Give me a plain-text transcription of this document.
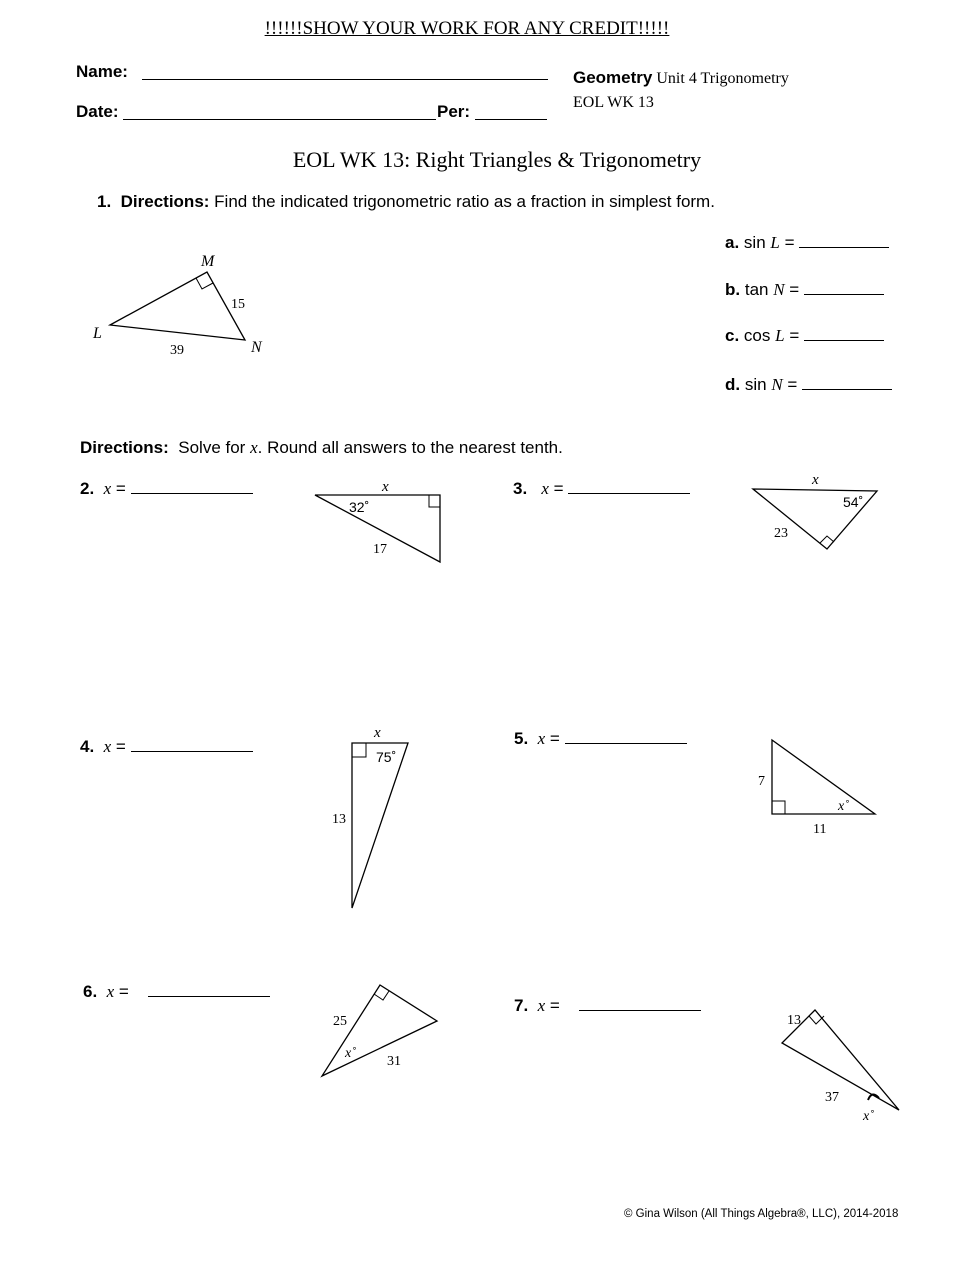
!!!!!!SHOW YOUR WORK FOR ANY CREDIT!!!!!
Name:
Date:	Per:
Geometry Unit 4 Trigonometry
EOL WK 13
EOL WK 13: Right Triangles & Trigonometry
1. Directions: Find the indicated trigonometric ratio as a fraction in simplest form.
M
L
N
15
39
a. sin L =
b. tan N =
c. cos L =
d. sin N =
Directions: Solve for x. Round all answers to the nearest tenth.
2. x =	x
32˚
17
3. x =	x
54˚
23
4. x =
x
75˚
13
5. x =
7
x˚
11
6. x =
25
x˚
31
7. x =
13
37
x˚
© Gina Wilson (All Things Algebra®, LLC), 2014-2018
